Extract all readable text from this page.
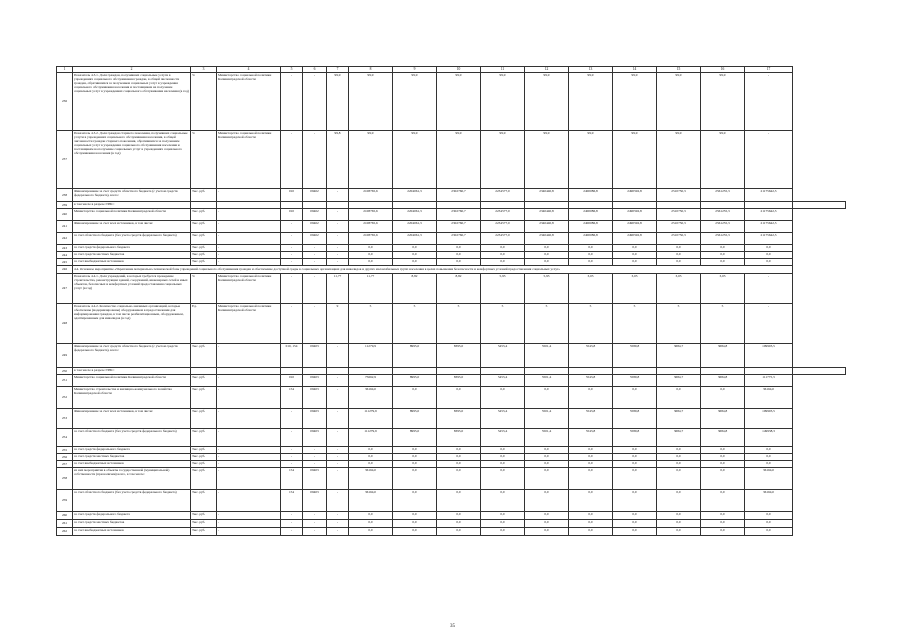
1	2	3	4	5	6	7	8	9	10	11	12	13	14	15	16	17	
236	Показатель 4.3.1. Доля граждан, получивших социальные услуги в учреждениях социального обслуживания граждан, в общей численности граждан, обратившихся за получением социальных услуг в учреждения социального обслуживания населения и поставщикам на получение социальных услуг в учреждениях социального обслуживания населения (в год)	%	Министерство социальной политики Калининградской области	-	-	99,9	99,9	99,9	99,9	99,9	99,9	99,9	99,9	99,9	99,9	-	
237	Показатель 4.3.2. Доля граждан старшего поколения, получивших социальные услуги в учреждениях социального обслуживания населения, в общей численности граждан старшего поколения, обратившихся за получением социальных услуг в учреждения социального обслуживания населения и поставщикам на получение социальных услуг в учреждениях социального обслуживания населения (в год)	%	Министерство социальной политики Калининградской области	-	-	99,8	99,9	99,9	99,9	99,9	99,9	99,9	99,9	99,9	99,9	-	
238	Финансирование за счет средств областного бюджета (с учетом средств федерального бюджета), всего:	Тыс. руб.	-	010	09402	-	2108765,6	2204061,3	2302760,7	2234577,0	2340440,8	2400086,8	2490592,8	2510750,3	2561255,3	21175642,3	
239	в том числе в разрезе ГРБС:																
240	Министерство социальной политики Калининградской области	Тыс. руб.	-	010	09402	-	2108765,6	2204061,3	2302760,7	2234577,0	2340440,8	2400086,8	2490592,8	2510750,3	2561255,3	21175642,3	
241	Финансирование за счет всех источников, в том числе:	Тыс. руб.	-	-	09402	-	2108765,6	2204061,3	2302760,7	2234577,0	2340440,8	2400086,8	2490592,8	2510750,3	2561255,3	21175642,3	
242	за счет областного бюджета (без учета средств федерального бюджета)	Тыс. руб.	-	-	09402	-	2108765,6	2204061,3	2302760,7	2234577,0	2340440,8	2400086,8	2490592,8	2510750,3	2561255,3	21175642,3	
243	за счет средств федерального бюджета	Тыс. руб.	-	-	-	-	0,0	0,0	0,0	0,0	0,0	0,0	0,0	0,0	0,0	0,0	
244	за счет средств местных бюджетов	Тыс. руб.	-	-	-	-	0,0	0,0	0,0	0,0	0,0	0,0	0,0	0,0	0,0	0,0	
245	за счет внебюджетных источников	Тыс. руб.	-	-	-	-	0,0	0,0	0,0	0,0	0,0	0,0	0,0	0,0	0,0	0,0	
246	4.4. Основное мероприятие «Укрепление материально-технической базы учреждений социального обслуживания граждан и обеспечение доступной среды в социальных организациях для инвалидов и других маломобильных групп населения в целях повышения безопасности и комфортных условий предоставления социальных услуг»																
247	Показатель 4.4.1. Доля учреждений, в которых требуется проведение строительства, реконструкции зданий, сооружений, инженерных сетей и иных объектов, безопасных и комфортных условий предоставления социальных услуг (в год)	%	Министерство социальной политики Калининградской области	-	-	11,77	11,77	8,82	8,82	5,93	5,93	3,03	3,03	3,03	3,03	-	
248	Показатель 4.4.2. Количество социально-значимых организаций, которые обеспечены (модернизированы) оборудованием в предоставлении для информирования граждан, в том числе реабилитационным, оборудованием, адаптированным для инвалидов (в год)	Ед.	Министерство социальной политики Калининградской области	-	-	9	5	5	5	5	5	5	5	5	5	-	
249	Финансирование за счет средств областного бюджета (с учетом средств федерального бюджета), всего:	Тыс. руб.	-	010, 154	09403	-	11279,9	8995,0	8395,0	5453,4	5501,4	5543,8	5589,8	3684,7	3684,8	109903,5	
250	в том числе в разрезе ГРБС:																
251	Министерство социальной политики Калининградской области	Тыс. руб.	-	010	09403	-	75662,9	8995,0	8395,0	5453,4	5501,4	5543,8	5589,8	3684,7	3684,8	111775,3	
252	Министерство строительства и жилищно-коммунального хозяйства Калининградской области	Тыс. руб.	-	154	09403	-	36164,0	0,0	0,0	0,0	0,0	0,0	0,0	0,0	0,0	36164,0	
253	Финансирование за счет всех источников, в том числе:	Тыс. руб.	-	-	09403	-	111279,9	8995,0	8395,0	5453,4	5501,4	5543,8	5589,8	3684,7	3684,8	109903,5	
254	за счет областного бюджета (без учета средств федерального бюджета)	Тыс. руб.	-	-	09403	-	111279,9	8995,0	8395,0	5453,4	5501,4	5543,8	5589,8	3684,7	3684,8	149938,3	
255	за счет средств федерального бюджета	Тыс. руб.	-	-	-	-	0,0	0,0	0,0	0,0	0,0	0,0	0,0	0,0	0,0	0,0	
256	за счет средств местных бюджетов	Тыс. руб.	-	-	-	-	0,0	0,0	0,0	0,0	0,0	0,0	0,0	0,0	0,0	0,0	
257	за счет внебюджетных источников	Тыс. руб.	-	-	-	-	0,0	0,0	0,0	0,0	0,0	0,0	0,0	0,0	0,0	0,0	
258	из них мероприятия в объекты государственной (муниципальной) собственности (при наличии) всего, в том числе:	Тыс. руб.	-	154	09403	-	36164,0	0,0	0,0	0,0	0,0	0,0	0,0	0,0	0,0	36164,0	
259	за счет областного бюджета (без учета средств федерального бюджета)	Тыс. руб.	-	154	09403	-	36164,0	0,0	0,0	0,0	0,0	0,0	0,0	0,0	0,0	36164,0	
260	за счет средств федерального бюджета	Тыс. руб.	-	-	-	-	0,0	0,0	0,0	0,0	0,0	0,0	0,0	0,0	0,0	0,0	
261	за счет средств местных бюджетов	Тыс. руб.	-	-	-	-	0,0	0,0	0,0	0,0	0,0	0,0	0,0	0,0	0,0	0,0	
262	за счет внебюджетных источников	Тыс. руб.	-	-	-	-	0,0	0,0	0,0	0,0	0,0	0,0	0,0	0,0	0,0	0,0	
35
